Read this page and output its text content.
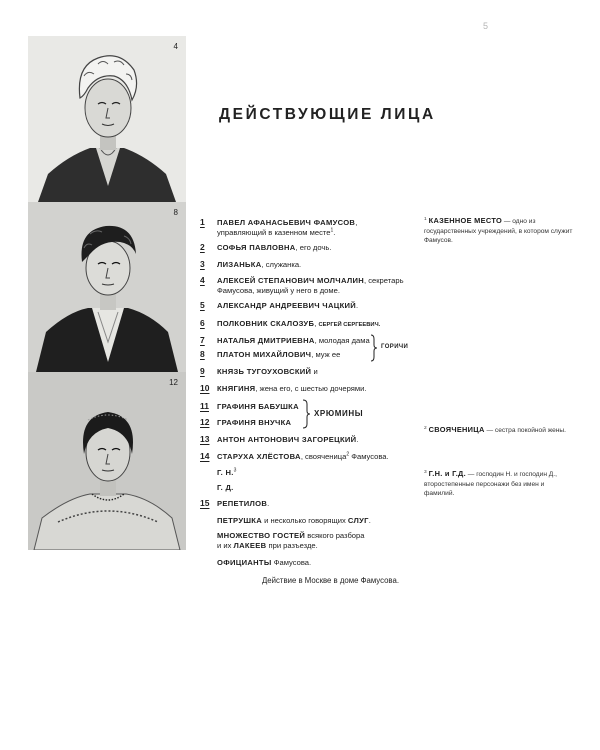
5
4
8
12
ДЕЙСТВУЮЩИЕ ЛИЦА
1	ПАВЕЛ АФАНАСЬЕВИЧ ФАМУСОВ,
управляющий в казенном месте$^1$.
2	СОФЬЯ ПАВЛОВНА, его дочь.
3	ЛИЗАНЬКА, служанка.
4	АЛЕКСЕЙ СТЕПАНОВИЧ МОЛЧАЛИН, секретарь
Фамусова, живущий у него в доме.
5	АЛЕКСАНДР АНДРЕЕВИЧ ЧАЦКИЙ.
6	ПОЛКОВНИК СКАЛОЗУБ, СЕРГЕЙ СЕРГЕЕВИЧ.
7	НАТАЛЬЯ ДМИТРИЕВНА, молодая дама
8	ПЛАТОН МИХАЙЛОВИЧ, муж ее
ГОРИЧИ
9	КНЯЗЬ ТУГОУХОВСКИЙ и
10 КНЯГИНЯ, жена его, с шестью дочерями.
11 ГРАФИНЯ БАБУШКА
12 ГРАФИНЯ ВНУЧКА
ХРЮМИНЫ
13 АНТОН АНТОНОВИЧ ЗАГОРЕЦКИЙ.
14 СТАРУХА ХЛЁСТОВА, свояченица$^2$ Фамусова.
Г. Н.$^3$
Г. Д.
15 РЕПЕТИЛОВ.
ПЕТРУШКА и несколько говорящих СЛУГ.
МНОЖЕСТВО ГОСТЕЙ всякого разбора
и их ЛАКЕЕВ при разъезде.
ОФИЦИАНТЫ Фамусова.
Действие в Москве в доме Фамусова.
$^1$ КАЗЕННОЕ МЕСТО — одно из государственных учреждений, в котором служит Фамусов.
$^2$ СВОЯЧЕНИЦА — сестра покойной жены.
$^3$ Г.Н. и Г.Д. — господин Н. и господин Д., второстепенные персонажи без имен и фамилий.
